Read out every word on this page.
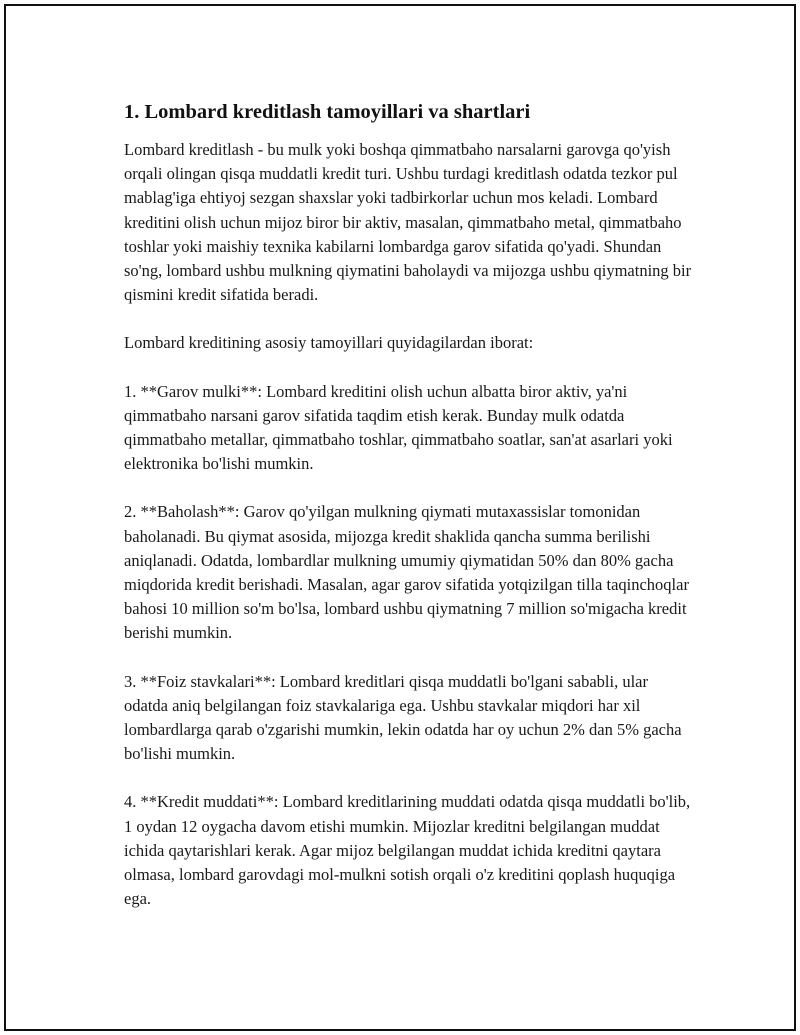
1. Lombard kreditlash tamoyillari va shartlari

Lombard kreditlash - bu mulk yoki boshqa qimmatbaho narsalarni garovga qo'yish orqali olingan qisqa muddatli kredit turi. Ushbu turdagi kreditlash odatda tezkor pul mablag'iga ehtiyoj sezgan shaxslar yoki tadbirkorlar uchun mos keladi. Lombard kreditini olish uchun mijoz biror bir aktiv, masalan, qimmatbaho metal, qimmatbaho toshlar yoki maishiy texnika kabilarni lombardga garov sifatida qo'yadi. Shundan so'ng, lombard ushbu mulkning qiymatini baholaydi va mijozga ushbu qiymatning bir qismini kredit sifatida beradi.

Lombard kreditining asosiy tamoyillari quyidagilardan iborat:

1. **Garov mulki**: Lombard kreditini olish uchun albatta biror aktiv, ya'ni qimmatbaho narsani garov sifatida taqdim etish kerak. Bunday mulk odatda qimmatbaho metallar, qimmatbaho toshlar, qimmatbaho soatlar, san'at asarlari yoki elektronika bo'lishi mumkin.

2. **Baholash**: Garov qo'yilgan mulkning qiymati mutaxassislar tomonidan baholanadi. Bu qiymat asosida, mijozga kredit shaklida qancha summa berilishi aniqlanadi. Odatda, lombardlar mulkning umumiy qiymatidan 50% dan 80% gacha miqdorida kredit berishadi. Masalan, agar garov sifatida yotqizilgan tilla taqinchoqlar bahosi 10 million so'm bo'lsa, lombard ushbu qiymatning 7 million so'migacha kredit berishi mumkin.

3. **Foiz stavkalari**: Lombard kreditlari qisqa muddatli bo'lgani sababli, ular odatda aniq belgilangan foiz stavkalariga ega. Ushbu stavkalar miqdori har xil lombardlarga qarab o'zgarishi mumkin, lekin odatda har oy uchun 2% dan 5% gacha bo'lishi mumkin.

4. **Kredit muddati**: Lombard kreditlarining muddati odatda qisqa muddatli bo'lib, 1 oydan 12 oygacha davom etishi mumkin. Mijozlar kreditni belgilangan muddat ichida qaytarishlari kerak. Agar mijoz belgilangan muddat ichida kreditni qaytara olmasa, lombard garovdagi mol-mulkni sotish orqali o'z kreditini qoplash huquqiga ega.
